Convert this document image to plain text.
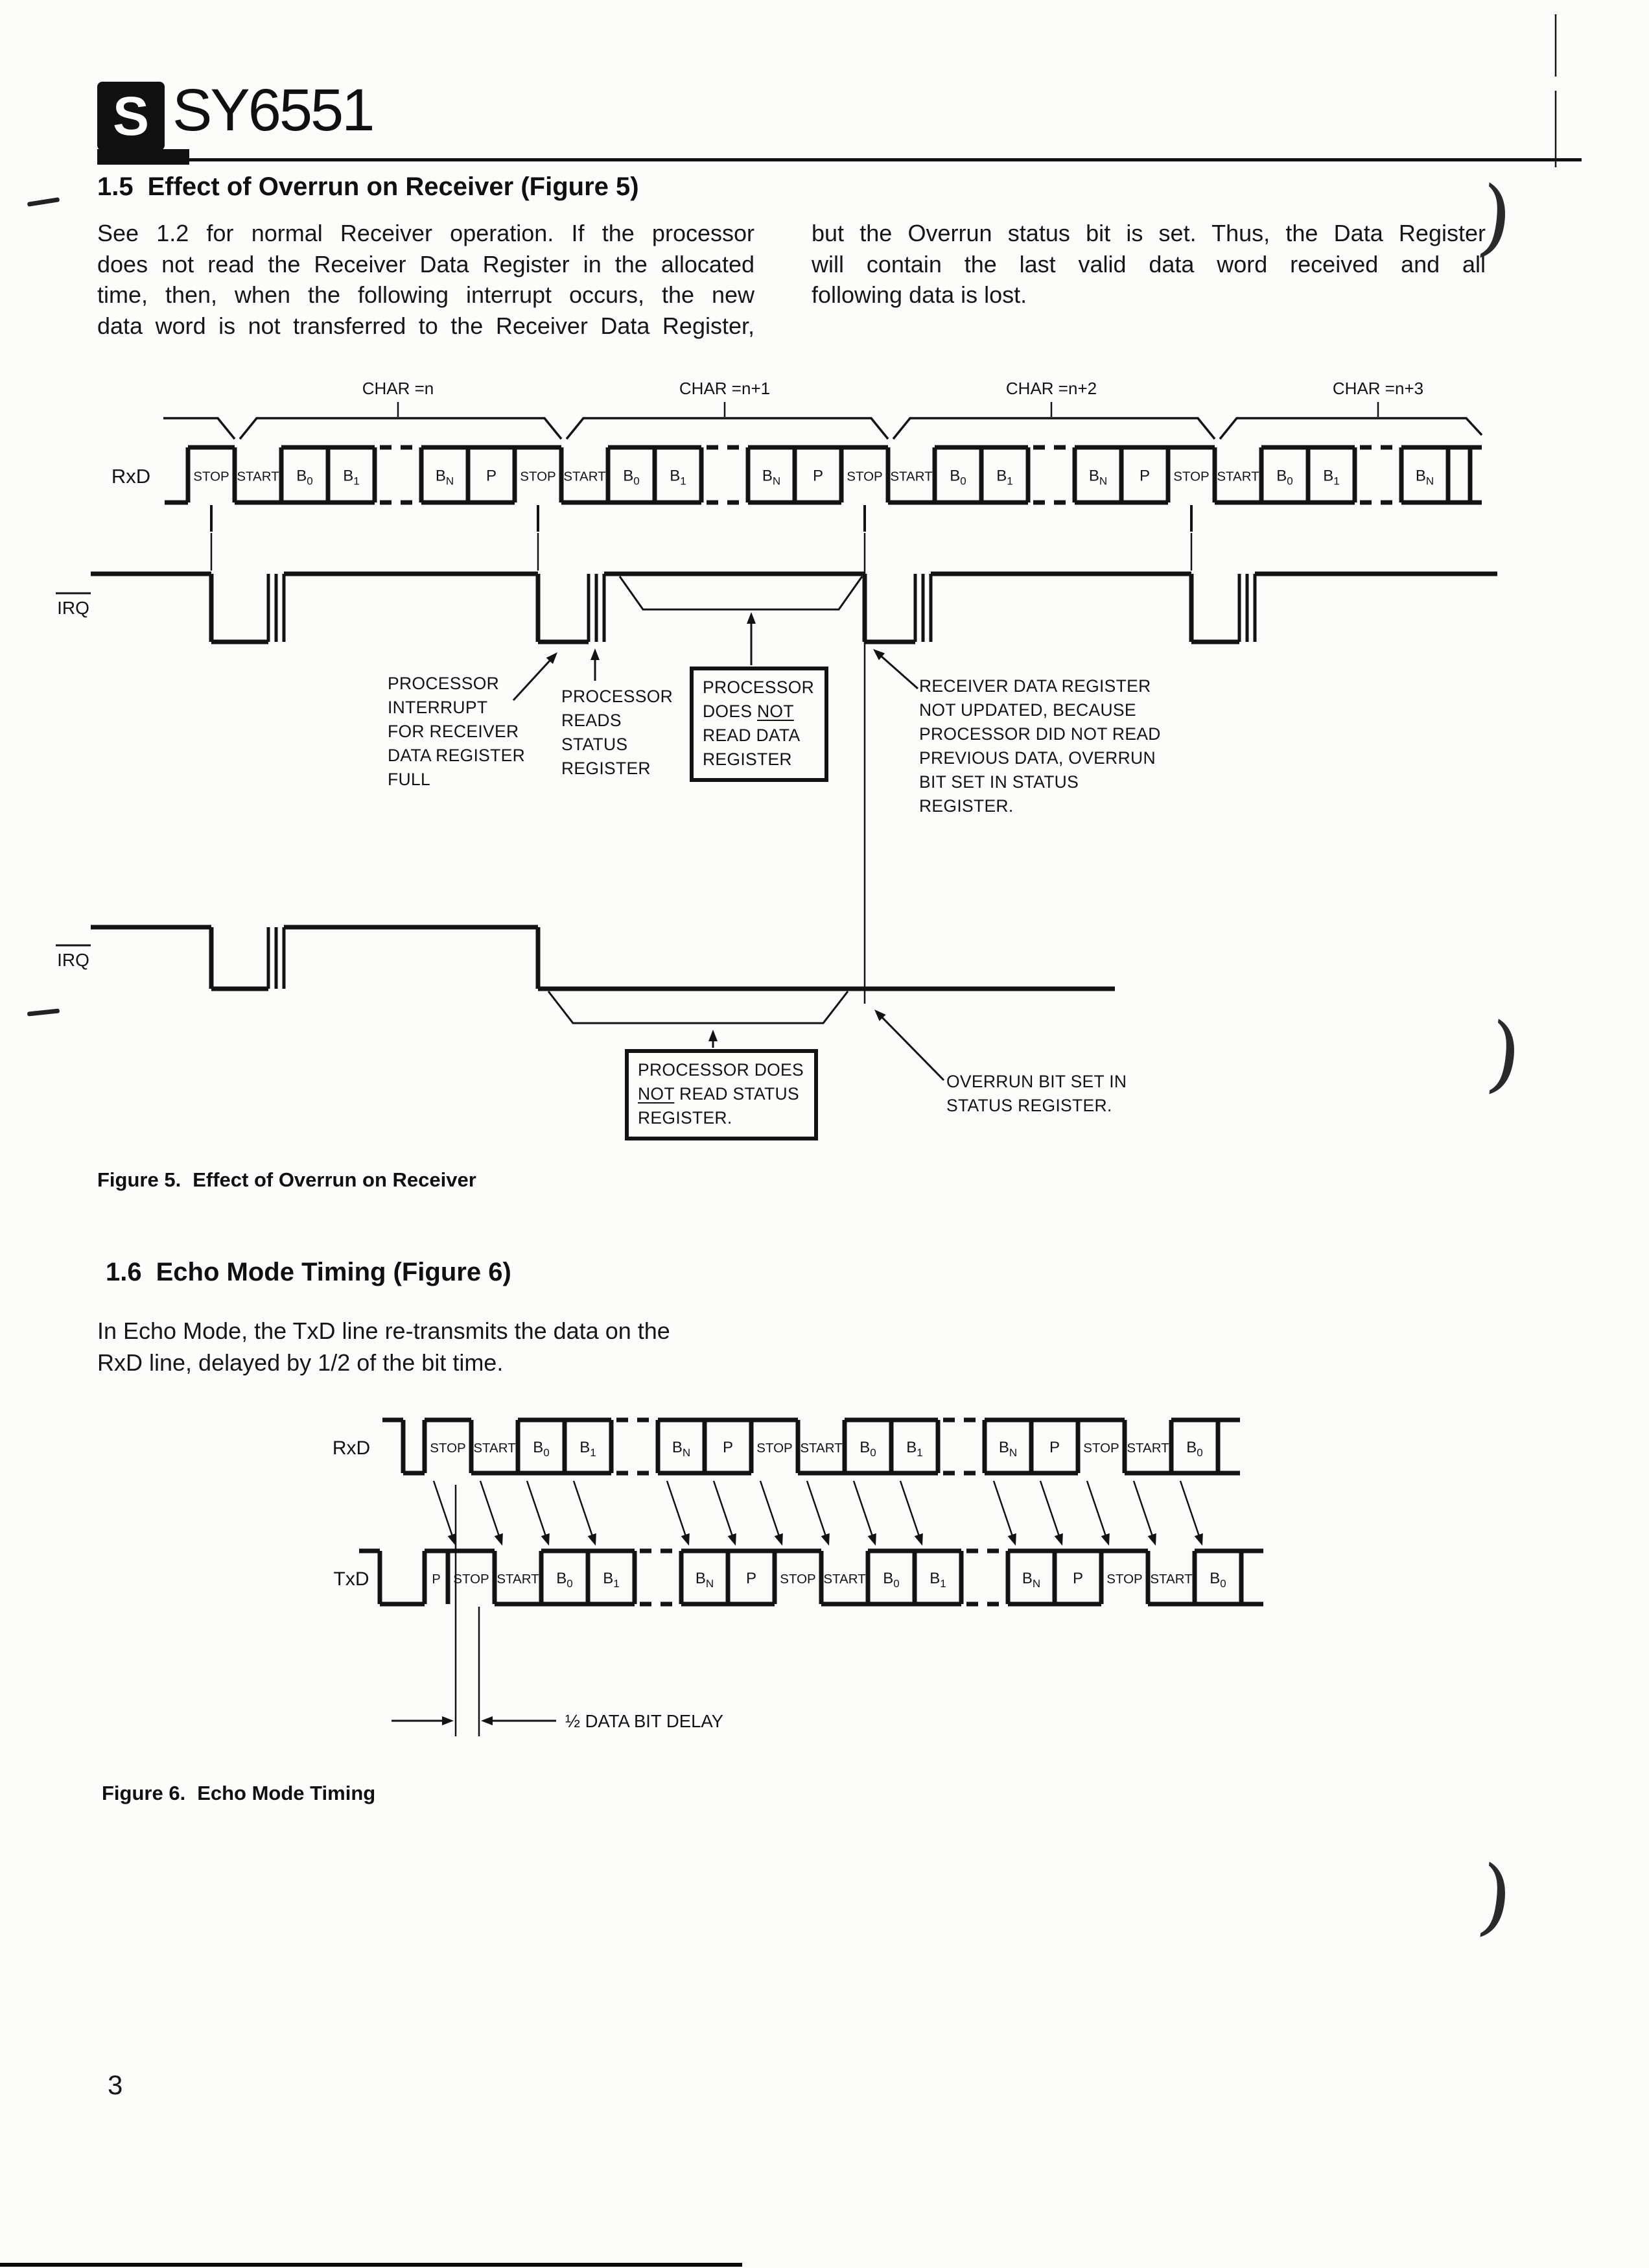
S
RxD
CHAR =n	CHAR =n+1	CHAR =n+2	CHAR =n+3
STOP START $B_0$ $B_1$	$B_N$ P STOP START $B_0$ $B_1$	$B_N$ P STOP START $B_0$ $B_1$	$B_N$ P STOP START $B_0$ $B_1$	$B_N$
IRQ
IRQ
RxD
TxD
STOP START $B_0$ $B_1$	$B_N$ P STOP START $B_0$ $B_1$	$B_N$ P STOP START $B_0$
P STOP START $B_0$ $B_1$	$B_N$ P STOP START $B_0$ $B_1$	$B_N$ P STOP START $B_0$
½ DATA BIT DELAY
SY6551
1.5 Effect of Overrun on Receiver (Figure 5)
See 1.2 for normal Receiver operation. If the processor
does not read the Receiver Data Register in the allocated
time, then, when the following interrupt occurs, the new
data word is not transferred to the Receiver Data Register,
but the Overrun status bit is set. Thus, the Data Register
will contain the last valid data word received and all
following data is lost.
Figure 5. Effect of Overrun on Receiver
1.6 Echo Mode Timing (Figure 6)
In Echo Mode, the TxD line re-transmits the data on the
RxD line, delayed by 1/2 of the bit time.
Figure 6. Echo Mode Timing
3
)
)
)
PROCESSOR
INTERRUPT
FOR RECEIVER
DATA REGISTER
FULL
PROCESSOR
READS
STATUS
REGISTER
PROCESSOR
DOES NOT
READ DATA
REGISTER
RECEIVER DATA REGISTER
NOT UPDATED, BECAUSE
PROCESSOR DID NOT READ
PREVIOUS DATA, OVERRUN
BIT SET IN STATUS
REGISTER.
PROCESSOR DOES
NOT READ STATUS
REGISTER.
OVERRUN BIT SET IN
STATUS REGISTER.
